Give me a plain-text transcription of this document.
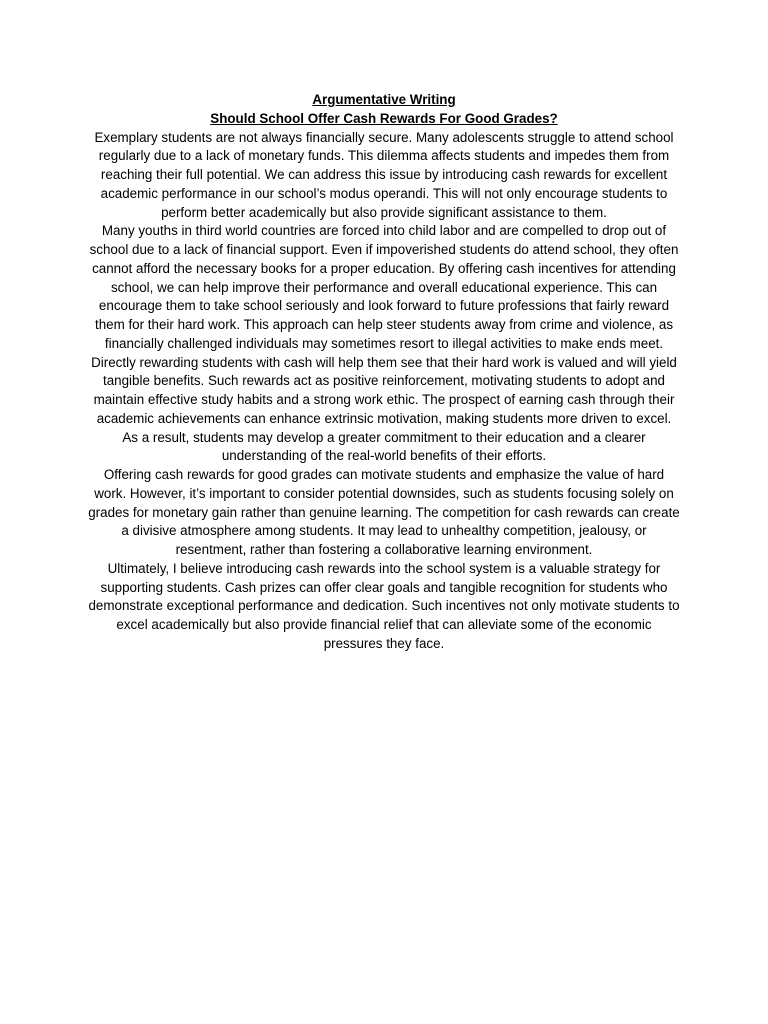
Argumentative Writing
Should School Offer Cash Rewards For Good Grades?

Exemplary students are not always financially secure. Many adolescents struggle to attend school regularly due to a lack of monetary funds. This dilemma affects students and impedes them from reaching their full potential. We can address this issue by introducing cash rewards for excellent academic performance in our school’s modus operandi. This will not only encourage students to perform better academically but also provide significant assistance to them.

Many youths in third world countries are forced into child labor and are compelled to drop out of school due to a lack of financial support. Even if impoverished students do attend school, they often cannot afford the necessary books for a proper education. By offering cash incentives for attending school, we can help improve their performance and overall educational experience. This can encourage them to take school seriously and look forward to future professions that fairly reward them for their hard work. This approach can help steer students away from crime and violence, as financially challenged individuals may sometimes resort to illegal activities to make ends meet.

Directly rewarding students with cash will help them see that their hard work is valued and will yield tangible benefits. Such rewards act as positive reinforcement, motivating students to adopt and maintain effective study habits and a strong work ethic. The prospect of earning cash through their academic achievements can enhance extrinsic motivation, making students more driven to excel. As a result, students may develop a greater commitment to their education and a clearer understanding of the real-world benefits of their efforts.

Offering cash rewards for good grades can motivate students and emphasize the value of hard work. However, it’s important to consider potential downsides, such as students focusing solely on grades for monetary gain rather than genuine learning. The competition for cash rewards can create a divisive atmosphere among students. It may lead to unhealthy competition, jealousy, or resentment, rather than fostering a collaborative learning environment.

Ultimately, I believe introducing cash rewards into the school system is a valuable strategy for supporting students. Cash prizes can offer clear goals and tangible recognition for students who demonstrate exceptional performance and dedication. Such incentives not only motivate students to excel academically but also provide financial relief that can alleviate some of the economic pressures they face.
